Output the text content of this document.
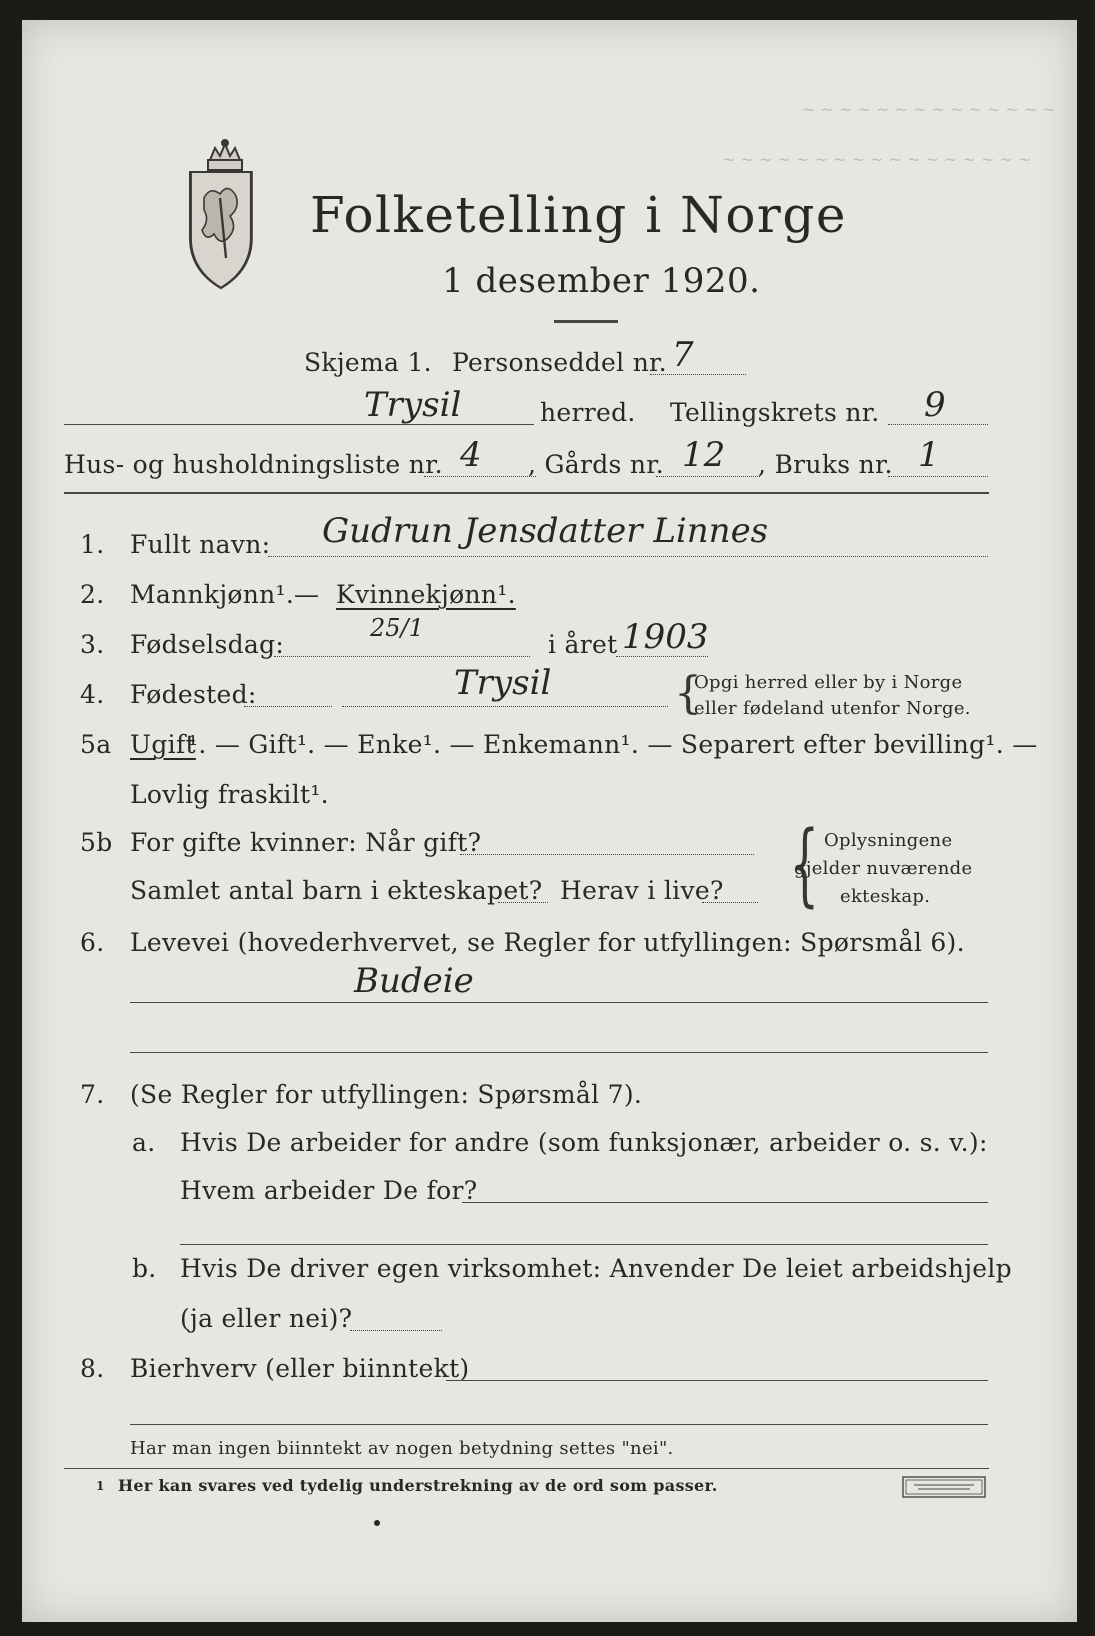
~ ~ ~ ~ ~ ~ ~ ~ ~ ~ ~ ~ ~ ~
~ ~ ~ ~ ~ ~ ~ ~ ~ ~ ~ ~ ~ ~ ~ ~ ~
Folketelling i Norge
1 desember 1920.
Skjema 1. Personseddel nr. 7
Trysil	herred. Tellingskrets nr. 9
Hus- og husholdningsliste nr. 4 , Gårds nr. 12 , Bruks nr. 1
1. Fullt navn: Gudrun Jensdatter Linnes
2. Mannkjønn¹. — Kvinnekjønn¹.
3. Fødselsdag:
25/1
i året 1903
4. Fødested:	Trysil	{
Opgi herred eller by i Norge
eller fødeland utenfor Norge.
5a Ugift
¹. — Gift¹. — Enke¹. — Enkemann¹. — Separert efter bevilling¹. —
Lovlig fraskilt¹.
5b For gifte kvinner: Når gift?
Samlet antal barn i ekteskapet? Herav i live? { Oplysningene
gjelder nuværende
ekteskap.
6. Levevei (hovederhvervet, se Regler for utfyllingen: Spørsmål 6).
Budeie
7. (Se Regler for utfyllingen: Spørsmål 7).
a. Hvis De arbeider for andre (som funksjonær, arbeider o. s. v.):
Hvem arbeider De for?
b. Hvis De driver egen virksomhet: Anvender De leiet arbeidshjelp
(ja eller nei)?
8. Bierhverv (eller biinntekt)
Har man ingen biinntekt av nogen betydning settes "nei".
1 Her kan svares ved tydelig understrekning av de ord som passer.
